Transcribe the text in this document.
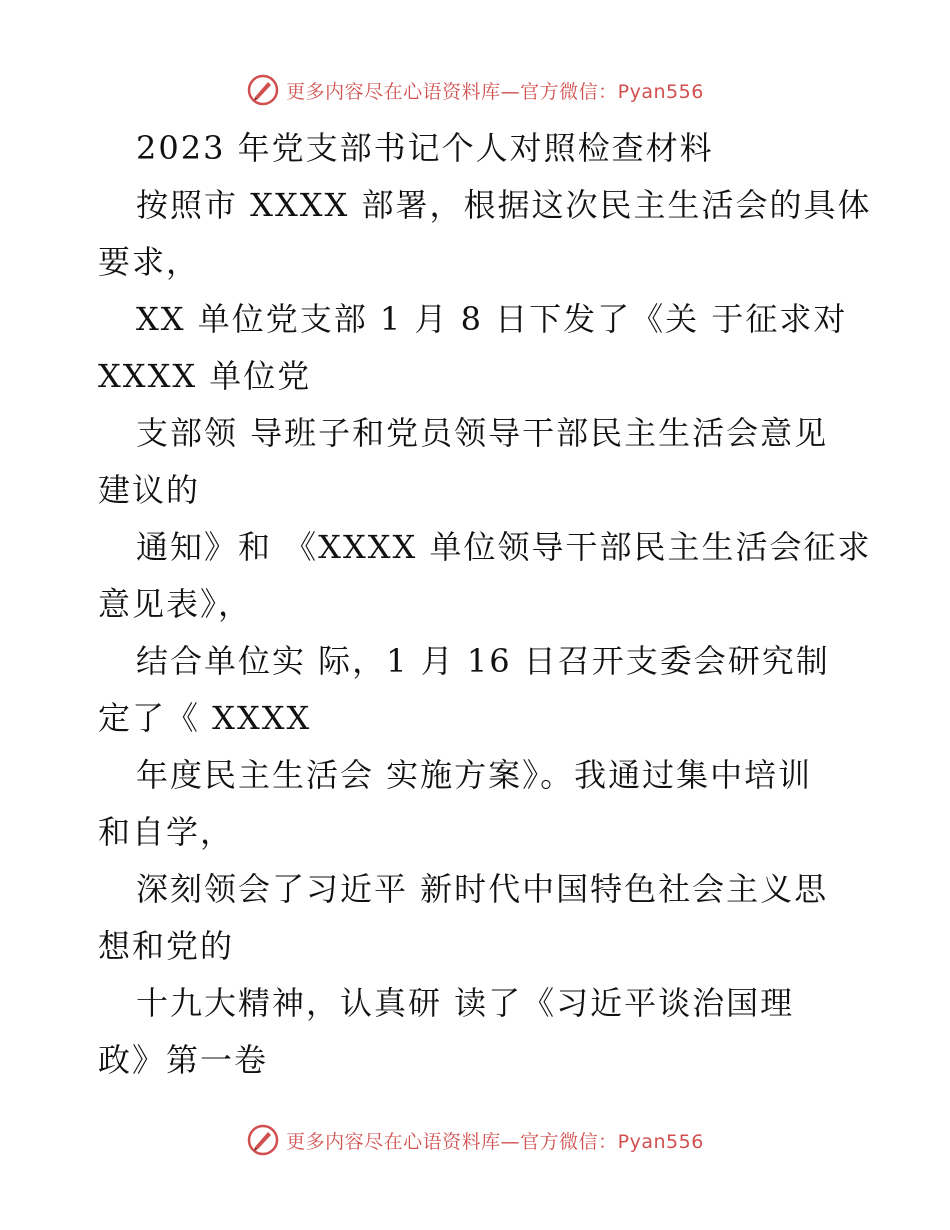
更多内容尽在心语资料库—官方微信：Pyan556
2023 年党支部书记个人对照检查材料
按照市 XXXX 部署，根据这次民主生活会的具体
要求，
XX 单位党支部 1 月 8 日下发了《关 于征求对
XXXX 单位党
支部领 导班子和党员领导干部民主生活会意见
建议的
通知》和 《XXXX 单位领导干部民主生活会征求
意见表》，
结合单位实 际，1 月 16 日召开支委会研究制
定了《 XXXX
年度民主生活会 实施方案》。我通过集中培训
和自学，
深刻领会了习近平 新时代中国特色社会主义思
想和党的
十九大精神，认真研 读了《习近平谈治国理
政》第一卷
更多内容尽在心语资料库—官方微信：Pyan556
